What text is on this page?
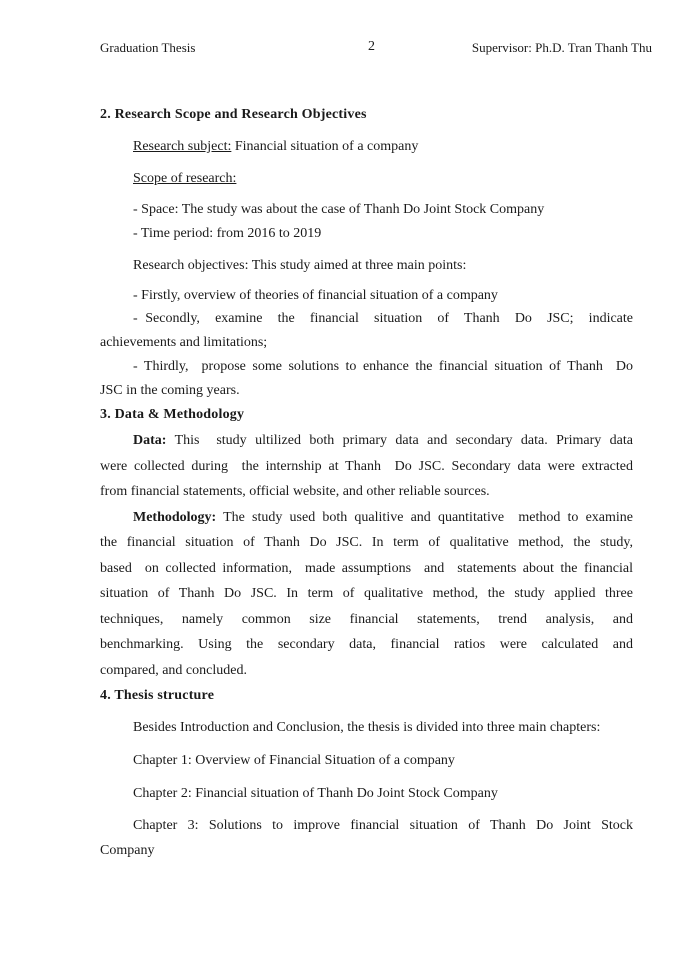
Graduation Thesis	2	Supervisor: Ph.D. Tran Thanh Thu
2. Research Scope and Research Objectives
Research subject: Financial situation of a company
Scope of research:
- Space: The study was about the case of Thanh Do Joint Stock Company
- Time period: from 2016 to 2019
Research objectives: This study aimed at three main points:
- Firstly, overview of theories of financial situation of a company
- Secondly,  examine  the  financial  situation  of  Thanh  Do  JSC;  indicate
achievements and limitations;
- Thirdly,  propose some solutions to enhance the financial situation of Thanh  Do
JSC in the coming years.
3. Data & Methodology
Data: This  study ultilized both primary data and secondary data. Primary data
were collected during  the internship at Thanh  Do JSC. Secondary data were extracted
from financial statements, official website, and other reliable sources.
Methodology: The study used both qualitive and quantitative  method to examine
the  financial  situation  of  Thanh  Do  JSC.  In  term  of  qualitative  method,  the  study,
based  on collected information,  made assumptions  and  statements about the financial
situation  of  Thanh  Do  JSC.  In  term  of  qualitative  method,  the  study  applied  three
techniques,  namely  common  size  financial  statements,  trend  analysis,  and
benchmarking.  Using  the  secondary  data,  financial  ratios  were  calculated  and
compared, and concluded.
4. Thesis structure
Besides Introduction and Conclusion, the thesis is divided into three main chapters:
Chapter 1: Overview of Financial Situation of a company
Chapter 2: Financial situation of Thanh Do Joint Stock Company
Chapter  3:  Solutions  to  improve  financial  situation  of  Thanh  Do  Joint  Stock
Company
